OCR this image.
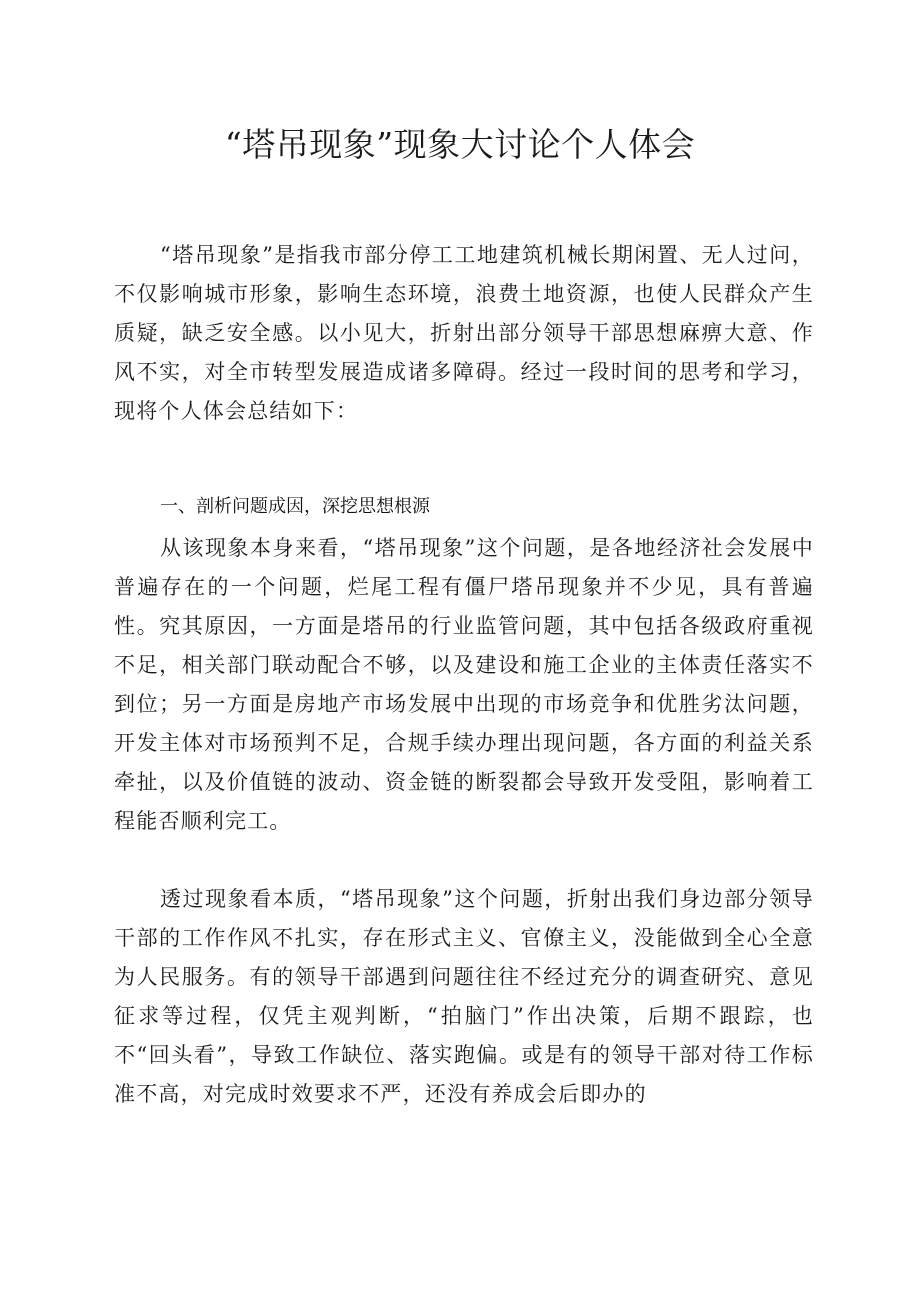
“塔吊现象”现象大讨论个人体会

“塔吊现象”是指我市部分停工工地建筑机械长期闲置、无人过问，不仅影响城市形象，影响生态环境，浪费土地资源，也使人民群众产生质疑，缺乏安全感。以小见大，折射出部分领导干部思想麻痹大意、作风不实，对全市转型发展造成诸多障碍。经过一段时间的思考和学习，现将个人体会总结如下：

一、剖析问题成因，深挖思想根源

从该现象本身来看，“塔吊现象”这个问题，是各地经济社会发展中普遍存在的一个问题，烂尾工程有僵尸塔吊现象并不少见，具有普遍性。究其原因，一方面是塔吊的行业监管问题，其中包括各级政府重视不足，相关部门联动配合不够，以及建设和施工企业的主体责任落实不到位；另一方面是房地产市场发展中出现的市场竞争和优胜劣汰问题，开发主体对市场预判不足，合规手续办理出现问题，各方面的利益关系牵扯，以及价值链的波动、资金链的断裂都会导致开发受阻，影响着工程能否顺利完工。

透过现象看本质，“塔吊现象”这个问题，折射出我们身边部分领导干部的工作作风不扎实，存在形式主义、官僚主义，没能做到全心全意为人民服务。有的领导干部遇到问题往往不经过充分的调查研究、意见征求等过程，仅凭主观判断，“拍脑门”作出决策，后期不跟踪，也不“回头看”，导致工作缺位、落实跑偏。或是有的领导干部对待工作标准不高，对完成时效要求不严，还没有养成会后即办的
